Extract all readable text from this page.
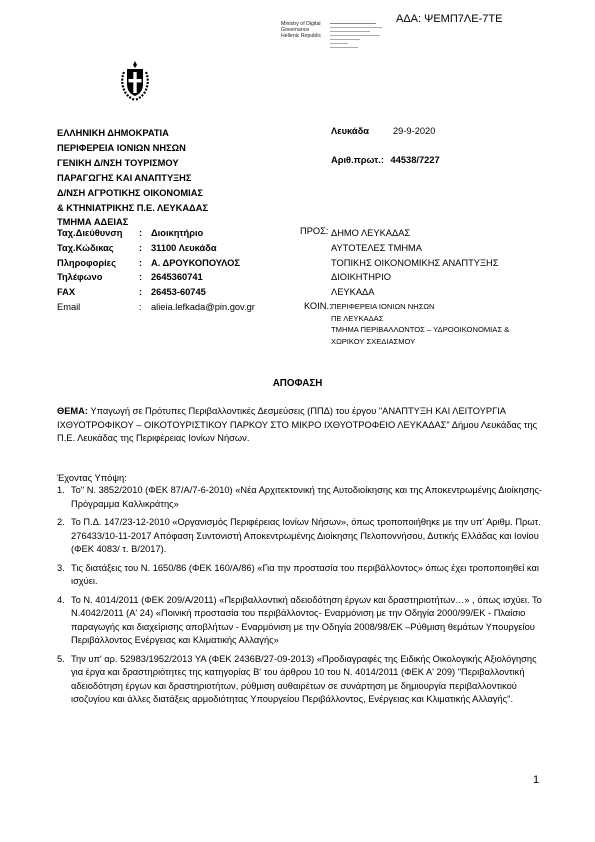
ΑΔΑ: ΨΕΜΠ7ΛΕ-7ΤΕ
Ministry of Digital
Governance
Hellenic Republic
ΕΛΛΗΝΙΚΗ ΔΗΜΟΚΡΑΤΙΑ
ΠΕΡΙΦΕΡΕΙΑ ΙΟΝΙΩΝ ΝΗΣΩΝ
ΓΕΝΙΚΗ Δ/ΝΣΗ ΤΟΥΡΙΣΜΟΥ
ΠΑΡΑΓΩΓΗΣ ΚΑΙ ΑΝΑΠΤΥΞΗΣ
Δ/ΝΣΗ ΑΓΡΟΤΙΚΗΣ ΟΙΚΟΝΟΜΙΑΣ
& ΚΤΗΝΙΑΤΡΙΚΗΣ Π.Ε. ΛΕΥΚΑΔΑΣ
ΤΜΗΜΑ ΑΔΕΙΑΣ
Λευκάδα	29-9-2020
Αριθ.πρωτ.: 44538/7227
Ταχ.Διεύθυνση : Διοικητήριο
Ταχ.Κώδικας	: 31100 Λευκάδα
Πληροφορίες : Α. ΔΡΟΥΚΟΠΟΥΛΟΣ
Τηλέφωνο	: 2645360741
FAX	: 26453-60745
Email	: alieia.lefkada@pin.gov.gr
ΠΡΟΣ: ΔΗΜΟ ΛΕΥΚΑΔΑΣ
ΑΥΤΟΤΕΛΕΣ ΤΜΗΜΑ
ΤΟΠΙΚΗΣ ΟΙΚΟΝΟΜΙΚΗΣ ΑΝΑΠΤΥΞΗΣ
ΔΙΟΙΚΗΤΗΡΙΟ
ΛΕΥΚΑΔΑ
ΚΟΙΝ.: ΠΕΡΙΦΕΡΕΙΑ ΙΟΝΙΩΝ ΝΗΣΩΝ
ΠΕ ΛΕΥΚΑΔΑΣ
ΤΜΗΜΑ ΠΕΡΙΒΑΛΛΟΝΤΟΣ – ΥΔΡΟΟΙΚΟΝΟΜΙΑΣ &
ΧΩΡΙΚΟΥ ΣΧΕΔΙΑΣΜΟΥ
ΑΠΟΦΑΣΗ
ΘΕΜΑ: Υπαγωγή σε Πρότυπες Περιβαλλοντικές Δεσμεύσεις (ΠΠΔ) του έργου "ΑΝΑΠΤΥΞΗ ΚΑΙ ΛΕΙΤΟΥΡΓΙΑ ΙΧΘΥΟΤΡΟΦΙΚΟΥ – ΟΙΚΟΤΟΥΡΙΣΤΙΚΟΥ ΠΑΡΚΟΥ ΣΤΟ ΜΙΚΡΟ ΙΧΘΥΟΤΡΟΦΕΙΟ ΛΕΥΚΑΔΑΣ" Δήμου Λευκάδας της Π.Ε. Λευκάδας της Περιφέρειας Ιονίων Νήσων.
Έχοντας Υπόψη:
1. Το" Ν. 3852/2010 (ΦΕΚ 87/Α/7-6-2010) «Νέα Αρχιτεκτονική της Αυτοδιοίκησης και της Αποκεντρωμένης Διοίκησης-Πρόγραμμα Καλλικράτης»
2. Το Π.Δ. 147/23-12-2010 «Οργανισμός Περιφέρειας Ιονίων Νήσων», όπως τροποποιήθηκε με την υπ' Αριθμ. Πρωτ. 276433/10-11-2017 Απόφαση Συντονιστή Αποκεντρωμένης Διοίκησης Πελοποννήσου, Δυτικής Ελλάδας και Ιονίου (ΦΕΚ 4083/ τ. Β/2017).
3. Τις διατάξεις του Ν. 1650/86 (ΦΕΚ 160/Α/86) «Για την προστασία του περιβάλλοντος» όπως έχει τροποποιηθεί και ισχύει.
4. Το Ν. 4014/2011 (ΦΕΚ 209/Α/2011) «Περιβαλλοντική αδειοδότηση έργων και δραστηριοτήτων…» , όπως ισχύει. Το Ν.4042/2011 (Α' 24) «Ποινική προστασία του περιβάλλοντος- Εναρμόνιση με την Οδηγία 2000/99/ΕΚ - Πλαίσιο παραγωγής και διαχείρισης αποβλήτων - Εναρμόνιση με την Οδηγία 2008/98/ΕΚ –Ρύθμιση θεμάτων Υπουργείου Περιβάλλοντος Ενέργειας και Κλιματικής Αλλαγής»
5. Την υπ' αρ. 52983/1952/2013 ΥΑ (ΦΕΚ 2436Β/27-09-2013) «Προδιαγραφές της Ειδικής Οικολογικής Αξιολόγησης για έργα και δραστηριότητες της κατηγορίας Β' του άρθρου 10 του Ν. 4014/2011 (ΦΕΚ Α' 209) "Περιβαλλοντική αδειοδότηση έργων και δραστηριοτήτων, ρύθμιση αυθαιρέτων σε συνάρτηση με δημιουργία περιβαλλοντικού ισοζυγίου και άλλες διατάξεις αρμοδιότητας Υπουργείου Περιβάλλοντος, Ενέργειας και Κλιματικής Αλλαγής".
1
